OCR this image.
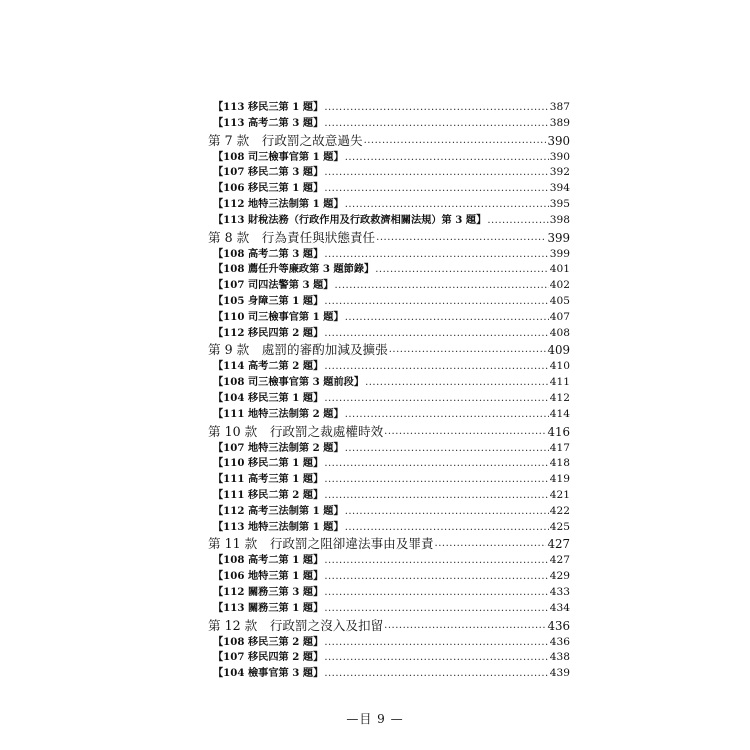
【113 移民三第 1 題】 .....	387
【113 高考二第 3 題】 .....	389
第 7 款　行政罰之故意過失 .....	390
【108 司三檢事官第 1 題】 .....	390
【107 移民二第 3 題】 .....	392
【106 移民三第 1 題】 .....	394
【112 地特三法制第 1 題】 .....	395
【113 財稅法務（行政作用及行政救濟相關法規）第 3 題】 .....	398
第 8 款　行為責任與狀態責任 .....	399
【108 高考二第 3 題】 .....	399
【108 薦任升等廉政第 3 題節錄】 .....	401
【107 司四法警第 3 題】 .....	402
【105 身障三第 1 題】 .....	405
【110 司三檢事官第 1 題】 .....	407
【112 移民四第 2 題】 .....	408
第 9 款　處罰的審酌加減及擴張 .....	409
【114 高考二第 2 題】 .....	410
【108 司三檢事官第 3 題前段】 .....	411
【104 移民三第 1 題】 .....	412
【111 地特三法制第 2 題】 .....	414
第 10 款　行政罰之裁處權時效 .....	416
【107 地特三法制第 2 題】 .....	417
【110 移民二第 1 題】 .....	418
【111 高考三第 1 題】 .....	419
【111 移民二第 2 題】 .....	421
【112 高考三法制第 1 題】 .....	422
【113 地特三法制第 1 題】 .....	425
第 11 款　行政罰之阻卻違法事由及罪責 .....	427
【108 高考二第 1 題】 .....	427
【106 地特三第 1 題】 .....	429
【112 關務三第 3 題】 .....	433
【113 關務三第 1 題】 .....	434
第 12 款　行政罰之沒入及扣留 .....	436
【108 移民三第 2 題】 .....	436
【107 移民四第 2 題】 .....	438
【104 檢事官第 3 題】 .....	439
—目 9 —
